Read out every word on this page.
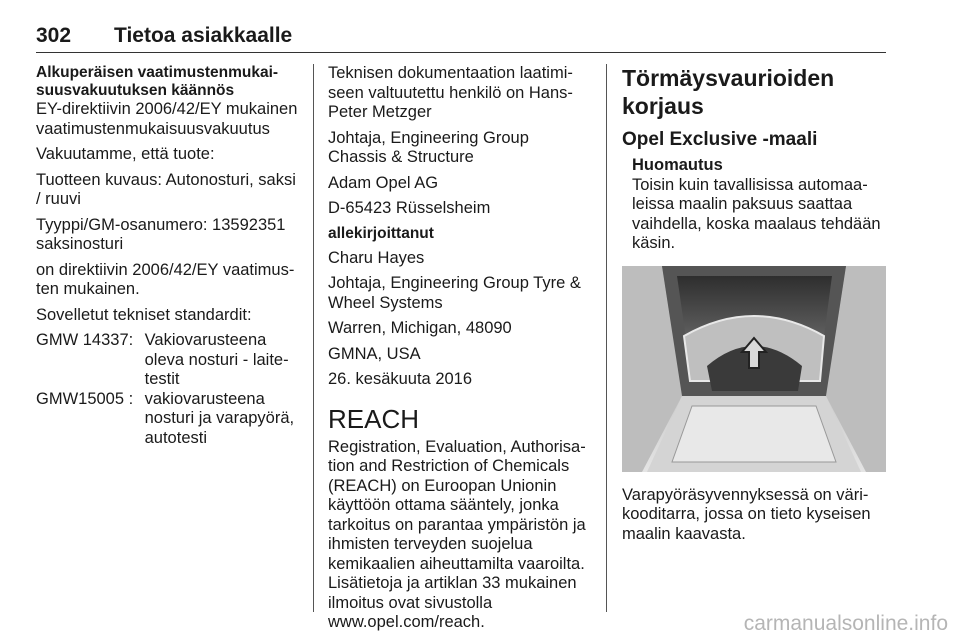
302 Tietoa asiakkaalle
Alkuperäisen vaatimustenmukaisuusvakuutuksen käännös

EY-direktiivin 2006/42/EY mukainen vaatimustenmukaisuusvakuutus

Vakuutamme, että tuote:

Tuotteen kuvaus: Autonosturi, saksi / ruuvi

Tyyppi/GM-osanumero: 13592351 saksinosturi

on direktiivin 2006/42/EY vaatimusten mukainen.

Sovelletut tekniset standardit:

GMW 14337	:	Vakiovarusteena oleva nosturi - laitetestit
GMW15005	:	vakiovarusteena nosturi ja varapyörä, autotesti

Teknisen dokumentaation laatimiseen valtuutettu henkilö on Hans-Peter Metzger

Johtaja, Engineering Group Chassis & Structure

Adam Opel AG

D-65423 Rüsselsheim

allekirjoittanut

Charu Hayes

Johtaja, Engineering Group Tyre & Wheel Systems

Warren, Michigan, 48090

GMNA, USA

26. kesäkuuta 2016

REACH

Registration, Evaluation, Authorisation and Restriction of Chemicals (REACH) on Euroopan Unionin käyttöön ottama sääntely, jonka tarkoitus on parantaa ympäristön ja ihmisten terveyden suojelua kemikaalien aiheuttamilta vaaroilta. Lisätietoja ja artiklan 33 mukainen ilmoitus ovat sivustolla www.opel.com/reach.

Törmäysvaurioiden korjaus
Opel Exclusive -maali
Huomautus
Toisin kuin tavallisissa automaaleissa maalin paksuus saattaa vaihdella, koska maalaus tehdään käsin.

Varapyöräsyvennyksessä on värikooditarra, jossa on tieto kyseisen maalin kaavasta.

carmanualsonline.info
